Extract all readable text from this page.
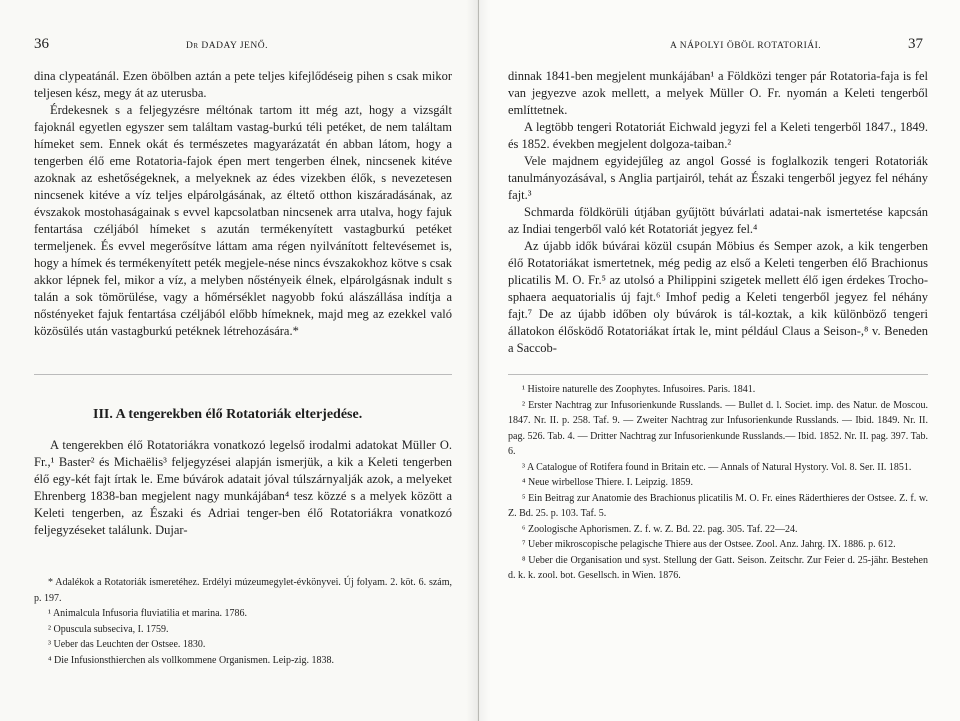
36	Dr DADAY JENŐ.

dina clypeatánál. Ezen öbölben aztán a pete teljes kifejlődéseig pihen s csak mikor teljesen kész, megy át az uterusba.

Érdekesnek s a feljegyzésre méltónak tartom itt még azt, hogy a vizsgált fajoknál egyetlen egyszer sem találtam vastag-burkú téli petéket, de nem találtam hímeket sem. Ennek okát és természetes magyarázatát én abban látom, hogy a tengerben élő eme Rotatoria-fajok épen mert tengerben élnek, nincsenek kitéve azoknak az eshetőségeknek, a melyeknek az édes vizekben élők, s nevezetesen nincsenek kitéve a víz teljes elpárolgásának, az éltető otthon kiszáradásának, az évszakok mostohaságainak s evvel kapcsolatban nincsenek arra utalva, hogy fajuk fentartása czéljából hímeket s azután termékenyített vastagburkú petéket termeljenek. És evvel megerősítve láttam ama régen nyilvánított feltevésemet is, hogy a hímek és termékenyített peték megjele-nése nincs évszakokhoz kötve s csak akkor lépnek fel, mikor a víz, a melyben nőstényeik élnek, elpárolgásnak indult s talán a sok tömörülése, vagy a hőmérséklet nagyobb fokú alászállása indítja a nőstényeket fajuk fentartása czéljából előbb hímeknek, majd meg az ezekkel való közösülés után vastagburkú petéknek létrehozására.*

III. A tengerekben élő Rotatoriák elterjedése.

A tengerekben élő Rotatoriákra vonatkozó legelső irodalmi adatokat Müller O. Fr.,¹ Baster² és Michaëlis³ feljegyzései alapján ismerjük, a kik a Keleti tengerben élő egy-két fajt írtak le. Eme búvárok adatait jóval túlszárnyalják azok, a melyeket Ehrenberg 1838-ban megjelent nagy munkájában⁴ tesz közzé s a melyek között a Keleti tengerben, az Északi és Adriai tenger-ben élő Rotatoriákra vonatkozó feljegyzéseket találunk. Dujar-

* Adalékok a Rotatoriák ismeretéhez. Erdélyi múzeumegylet-évkönyvei. Új folyam. 2. köt. 6. szám, p. 197.

¹ Animalcula Infusoria fluviatilia et marina. 1786.

² Opuscula subseciva, I. 1759.

³ Ueber das Leuchten der Ostsee. 1830.

⁴ Die Infusionsthierchen als vollkommene Organismen. Leip-zig. 1838.

A NÁPOLYI ÖBÖL ROTATORIÁI.	37

dinnak 1841-ben megjelent munkájában¹ a Földközi tenger pár Rotatoria-faja is fel van jegyezve azok mellett, a melyek Müller O. Fr. nyomán a Keleti tengerből említtetnek.

A legtöbb tengeri Rotatoriát Eichwald jegyzi fel a Keleti tengerből 1847., 1849. és 1852. években megjelent dolgoza-taiban.²

Vele majdnem egyidejűleg az angol Gossé is foglalkozik tengeri Rotatoriák tanulmányozásával, s Anglia partjairól, tehát az Északi tengerből jegyez fel néhány fajt.³

Schmarda földkörüli útjában gyűjtött búvárlati adatai-nak ismertetése kapcsán az Indiai tengerből való két Rotatoriát jegyez fel.⁴

Az újabb idők búvárai közül csupán Möbius és Semper azok, a kik tengerben élő Rotatoriákat ismertetnek, még pedig az első a Keleti tengerben élő Brachionus plicatilis M. O. Fr.⁵ az utolsó a Philippini szigetek mellett élő igen érdekes Trocho-sphaera aequatorialis új fajt.⁶ Imhof pedig a Keleti tengerből jegyez fel néhány fajt.⁷ De az újabb időben oly búvárok is tál-koztak, a kik különböző tengeri állatokon élősködő Rotatoriákat írtak le, mint például Claus a Seison-,⁸ v. Beneden a Saccob-

¹ Histoire naturelle des Zoophytes. Infusoires. Paris. 1841.

² Erster Nachtrag zur Infusorienkunde Russlands. — Bullet d. l. Societ. imp. des Natur. de Moscou. 1847. Nr. II. p. 258. Taf. 9. — Zweiter Nachtrag zur Infusorienkunde Russlands. — Ibid. 1849. Nr. II. pag. 526. Tab. 4. — Dritter Nachtrag zur Infusorienkunde Russlands.— Ibid. 1852. Nr. II. pag. 397. Tab. 6.

³ A Catalogue of Rotifera found in Britain etc. — Annals of Natural Hystory. Vol. 8. Ser. II. 1851.

⁴ Neue wirbellose Thiere. I. Leipzig. 1859.

⁵ Ein Beitrag zur Anatomie des Brachionus plicatilis M. O. Fr. eines Räderthieres der Ostsee. Z. f. w. Z. Bd. 25. p. 103. Taf. 5.

⁶ Zoologische Aphorismen. Z. f. w. Z. Bd. 22. pag. 305. Taf. 22—24.

⁷ Ueber mikroscopische pelagische Thiere aus der Ostsee. Zool. Anz. Jahrg. IX. 1886. p. 612.

⁸ Ueber die Organisation und syst. Stellung der Gatt. Seison. Zeitschr. Zur Feier d. 25-jähr. Bestehen d. k. k. zool. bot. Gesellsch. in Wien. 1876.
